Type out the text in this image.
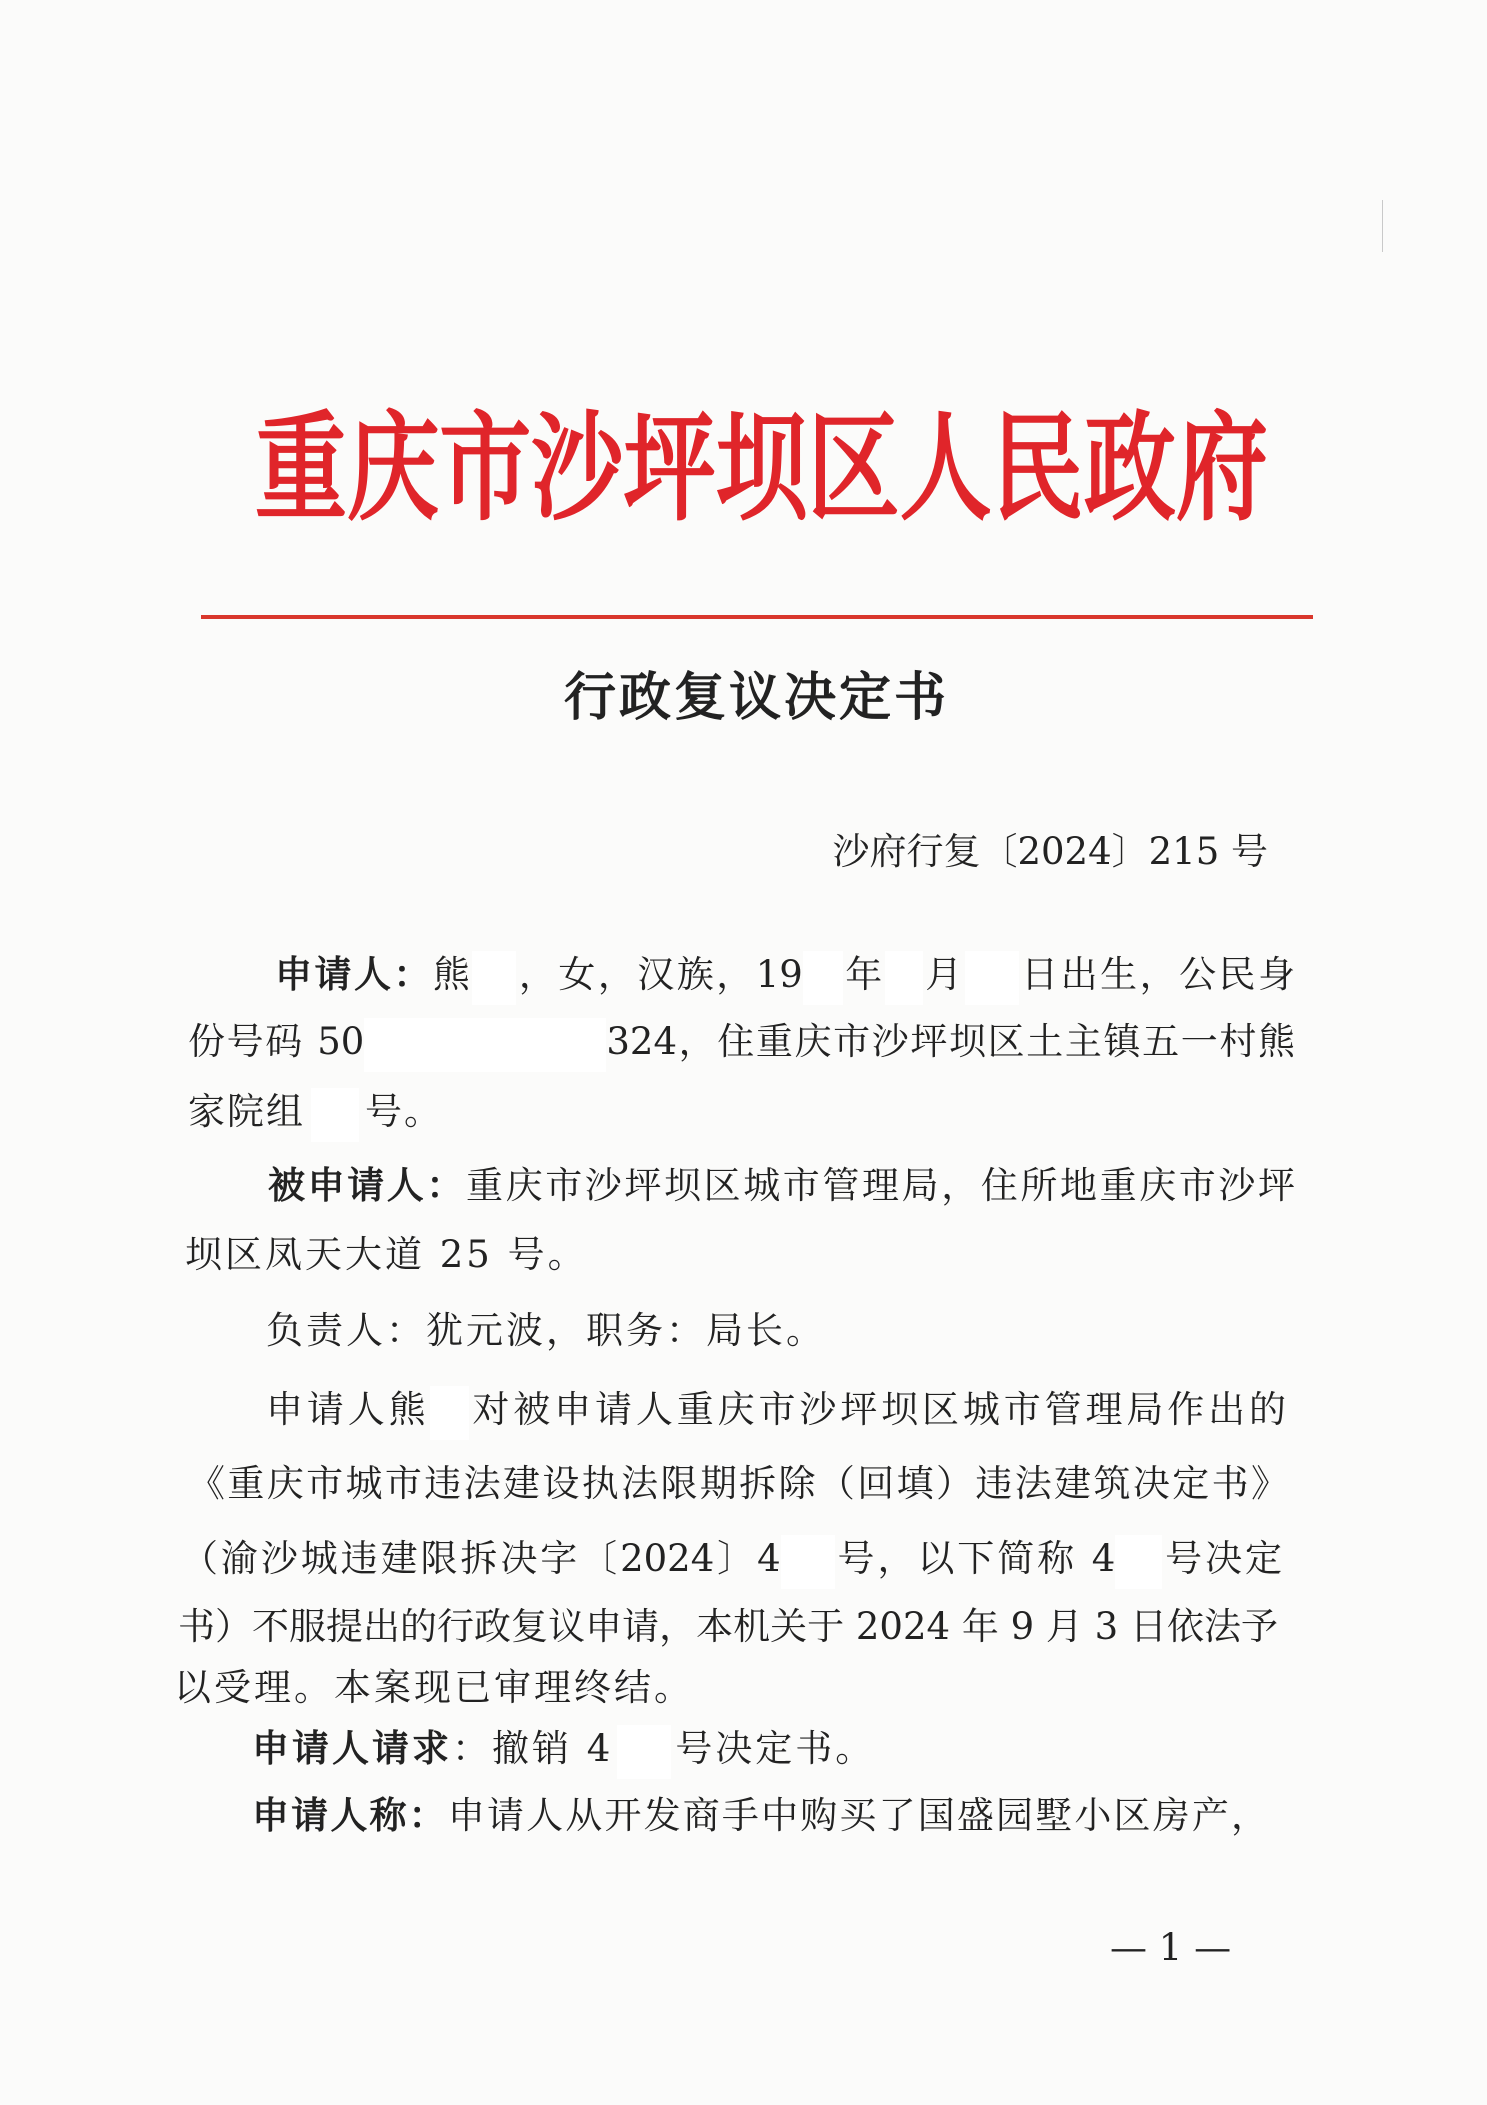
重庆市沙坪坝区人民政府
行政复议决定书
沙府行复〔2024〕215 号
申请人：熊 ，女，汉族，19 年 月 日出生，公民身
份号码 50	324，住重庆市沙坪坝区土主镇五一村熊
家院组 号。
被申请人：重庆市沙坪坝区城市管理局，住所地重庆市沙坪
坝区凤天大道 25 号。
负责人：犹元波，职务：局长。
申请人熊 对被申请人重庆市沙坪坝区城市管理局作出的
《重庆市城市违法建设执法限期拆除（回填）违法建筑决定书》
（渝沙城违建限拆决字〔2024〕4 号，以下简称 4 号决定
书）不服提出的行政复议申请，本机关于 2024 年 9 月 3 日依法予
以受理。本案现已审理终结。
申请人请求：撤销 4 号决定书。
申请人称：申请人从开发商手中购买了国盛园墅小区房产，
— 1 —
